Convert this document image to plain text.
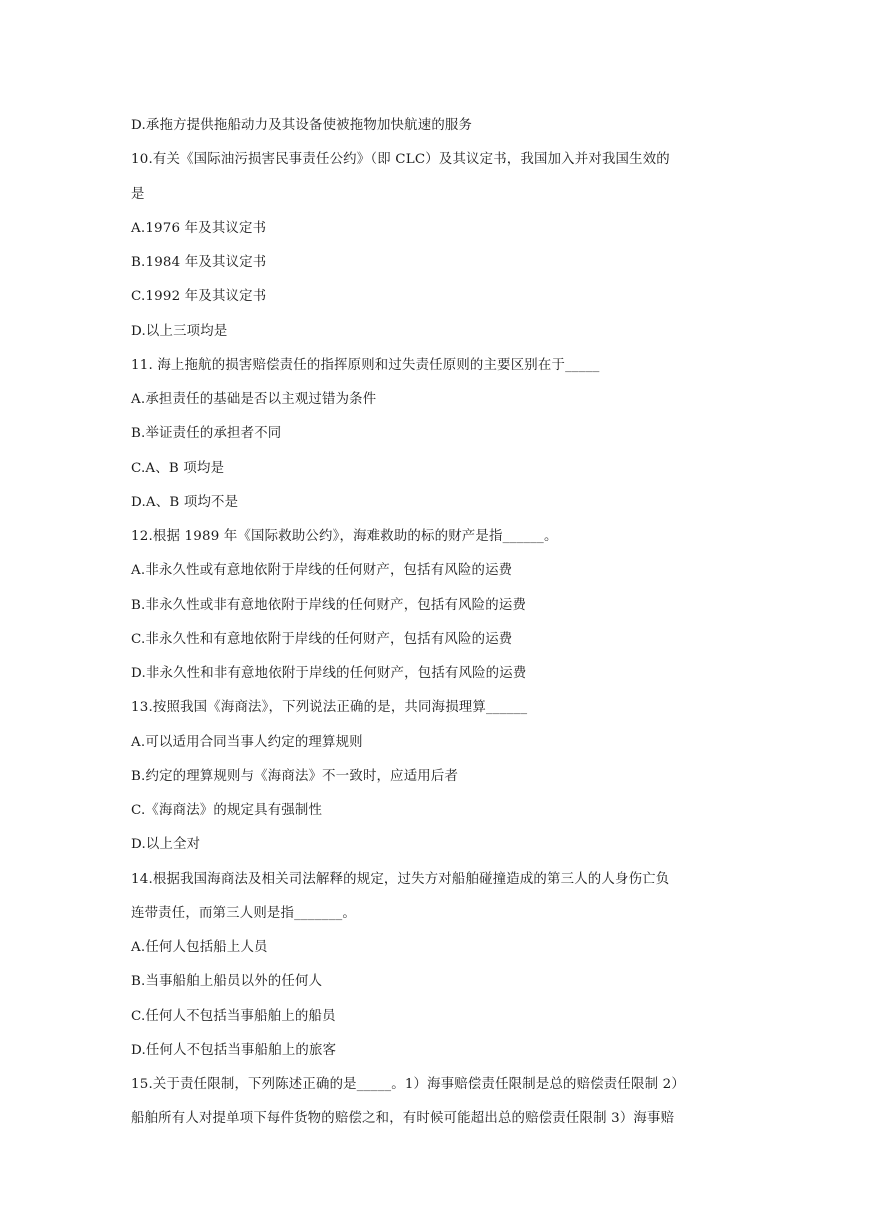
D.承拖方提供拖船动力及其设备使被拖物加快航速的服务
10.有关《国际油污损害民事责任公约》（即 CLC）及其议定书，我国加入并对我国生效的
是
A.1976 年及其议定书
B.1984 年及其议定书
C.1992 年及其议定书
D.以上三项均是
11. 海上拖航的损害赔偿责任的指挥原则和过失责任原则的主要区别在于_____
A.承担责任的基础是否以主观过错为条件
B.举证责任的承担者不同
C.A、B 项均是
D.A、B 项均不是
12.根据 1989 年《国际救助公约》，海难救助的标的财产是指______。
A.非永久性或有意地依附于岸线的任何财产，包括有风险的运费
B.非永久性或非有意地依附于岸线的任何财产，包括有风险的运费
C.非永久性和有意地依附于岸线的任何财产，包括有风险的运费
D.非永久性和非有意地依附于岸线的任何财产，包括有风险的运费
13.按照我国《海商法》，下列说法正确的是，共同海损理算______
A.可以适用合同当事人约定的理算规则
B.约定的理算规则与《海商法》不一致时，应适用后者
C.《海商法》的规定具有强制性
D.以上全对
14.根据我国海商法及相关司法解释的规定，过失方对船舶碰撞造成的第三人的人身伤亡负
连带责任，而第三人则是指_______。
A.任何人包括船上人员
B.当事船舶上船员以外的任何人
C.任何人不包括当事船舶上的船员
D.任何人不包括当事船舶上的旅客
15.关于责任限制，下列陈述正确的是_____。1）海事赔偿责任限制是总的赔偿责任限制 2）
船舶所有人对提单项下每件货物的赔偿之和，有时候可能超出总的赔偿责任限制 3）海事赔
